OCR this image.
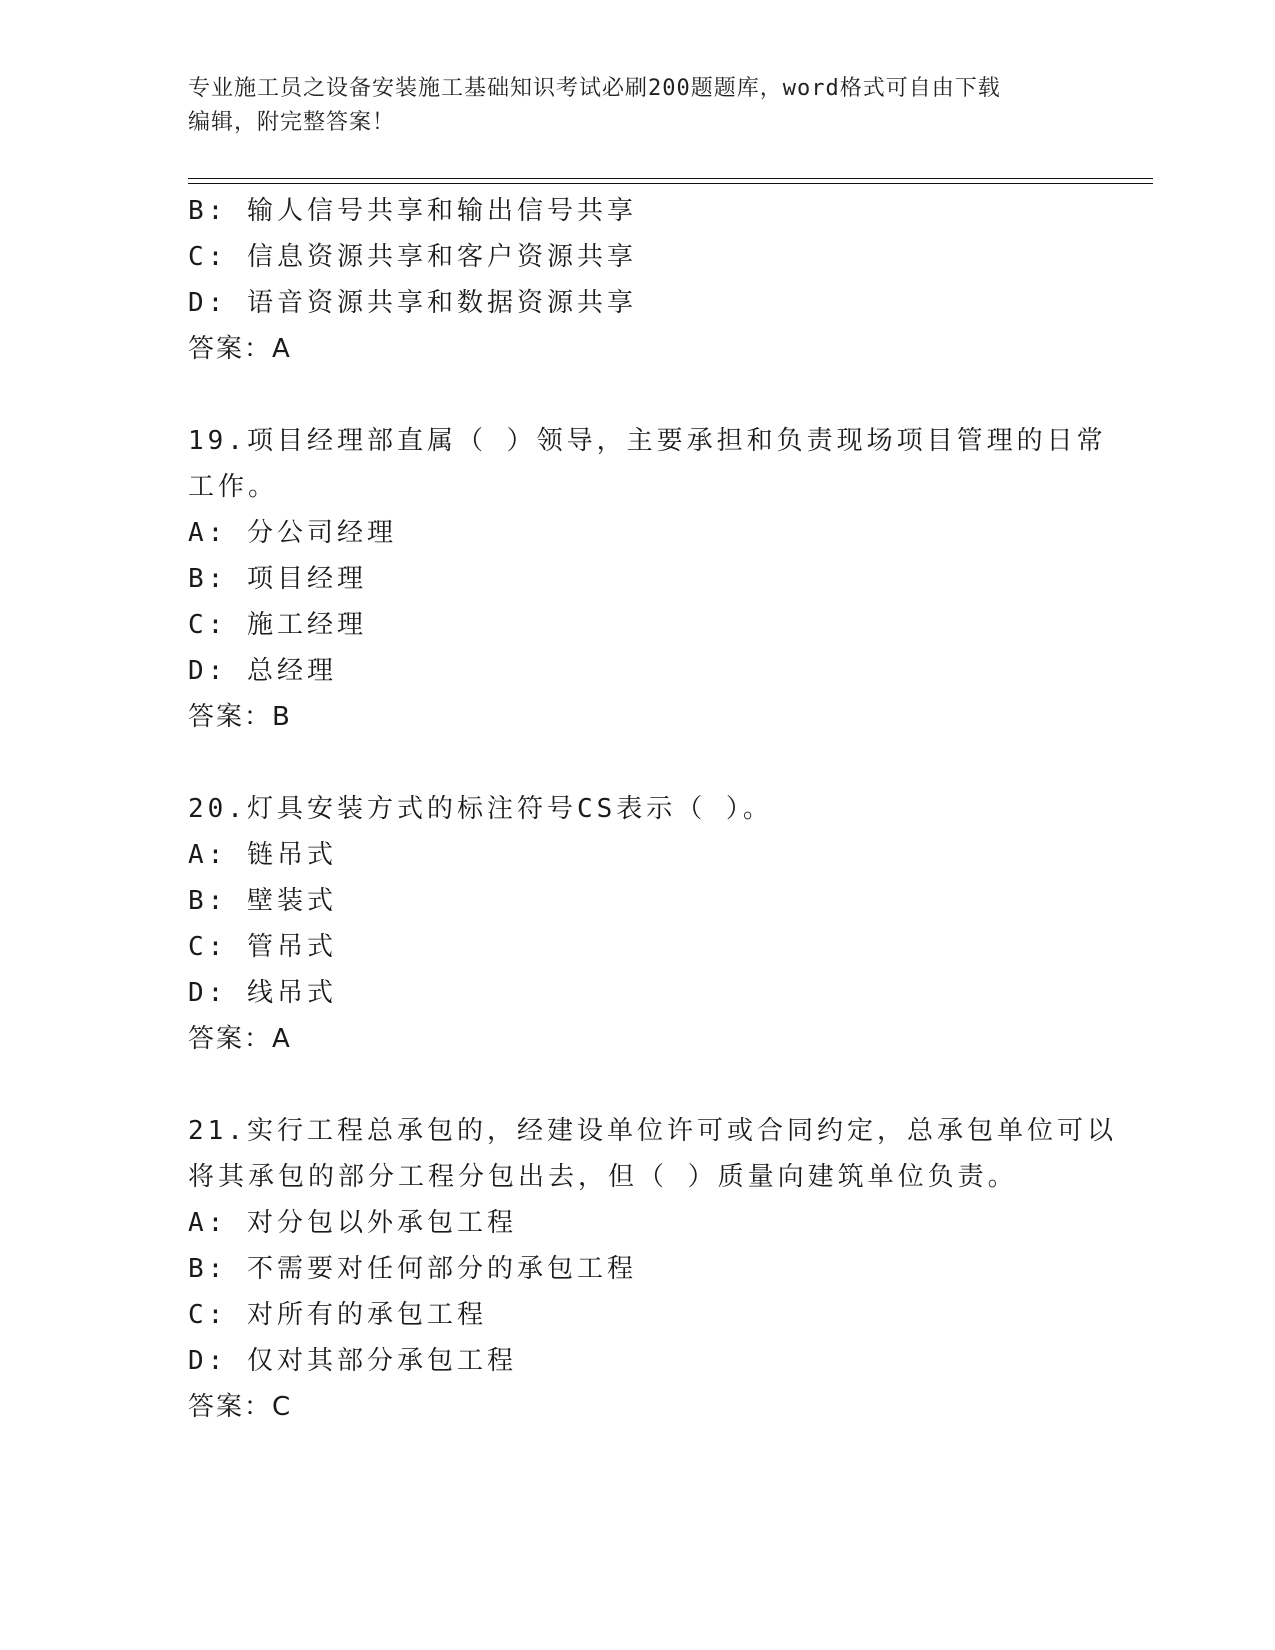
专业施工员之设备安装施工基础知识考试必刷200题题库，word格式可自由下载
编辑，附完整答案！
B: 输人信号共享和输出信号共享
C: 信息资源共享和客户资源共享
D: 语音资源共享和数据资源共享
答案：A
19.项目经理部直属（ ）领导，主要承担和负责现场项目管理的日常
工作。
A: 分公司经理
B: 项目经理
C: 施工经理
D: 总经理
答案：B
20.灯具安装方式的标注符号CS表示（ ）。
A: 链吊式
B: 壁装式
C: 管吊式
D: 线吊式
答案：A
21.实行工程总承包的，经建设单位许可或合同约定，总承包单位可以
将其承包的部分工程分包出去，但（ ）质量向建筑单位负责。
A: 对分包以外承包工程
B: 不需要对任何部分的承包工程
C: 对所有的承包工程
D: 仅对其部分承包工程
答案：C
